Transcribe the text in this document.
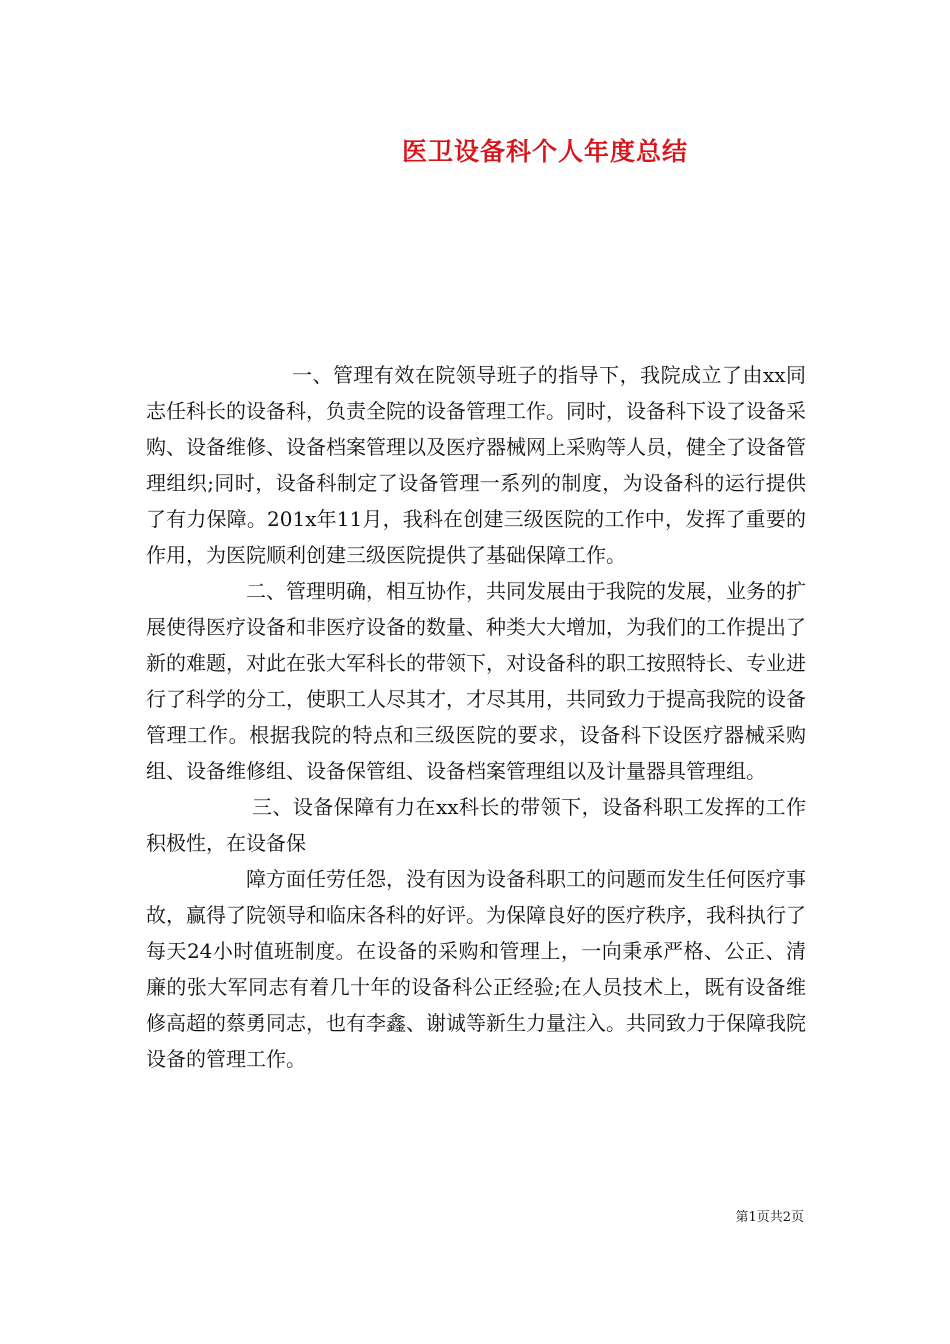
医卫设备科个人年度总结

一、管理有效在院领导班子的指导下，我院成立了由xx同志任科长的设备科，负责全院的设备管理工作。同时，设备科下设了设备采购、设备维修、设备档案管理以及医疗器械网上采购等人员，健全了设备管理组织;同时，设备科制定了设备管理一系列的制度，为设备科的运行提供了有力保障。201x年11月，我科在创建三级医院的工作中，发挥了重要的作用，为医院顺利创建三级医院提供了基础保障工作。

二、管理明确，相互协作，共同发展由于我院的发展，业务的扩展使得医疗设备和非医疗设备的数量、种类大大增加，为我们的工作提出了新的难题，对此在张大军科长的带领下，对设备科的职工按照特长、专业进行了科学的分工，使职工人尽其才，才尽其用，共同致力于提高我院的设备管理工作。根据我院的特点和三级医院的要求，设备科下设医疗器械采购组、设备维修组、设备保管组、设备档案管理组以及计量器具管理组。

三、设备保障有力在xx科长的带领下，设备科职工发挥的工作积极性，在设备保

障方面任劳任怨，没有因为设备科职工的问题而发生任何医疗事故，赢得了院领导和临床各科的好评。为保障良好的医疗秩序，我科执行了每天24小时值班制度。在设备的采购和管理上，一向秉承严格、公正、清廉的张大军同志有着几十年的设备科公正经验;在人员技术上，既有设备维修高超的蔡勇同志，也有李鑫、谢诚等新生力量注入。共同致力于保障我院设备的管理工作。

第1页共2页
